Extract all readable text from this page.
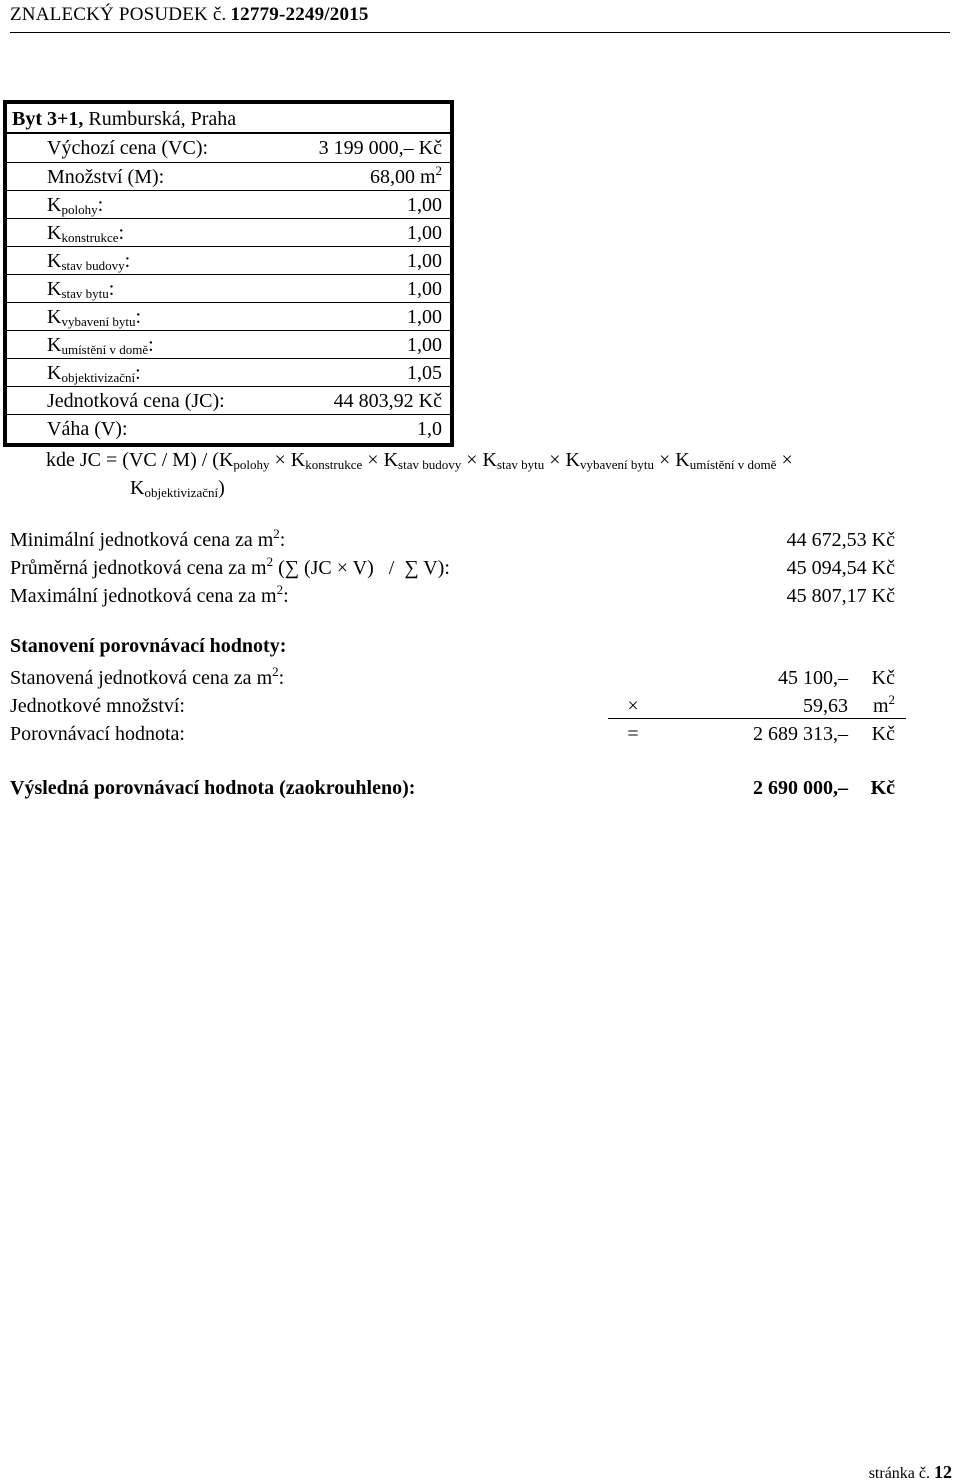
ZNALECKÝ POSUDEK č. 12779-2249/2015
Byt 3+1, Rumburská, Praha
Výchozí cena (VC):	3 199 000,– Kč
Množství (M):	68,00 $m^2$
$K_{polohy}$:	1,00
$K_{konstrukce}$:	1,00
$K_{stav budovy}$:	1,00
$K_{stav bytu}$:	1,00
$K_{vybavení bytu}$:	1,00
$K_{umístění v domě}$:	1,00
$K_{objektivizační}$:	1,05
Jednotková cena (JC):	44 803,92 Kč
Váha (V):	1,0
kde JC = $(VC / M) / (K_{polohy} \times K_{konstrukce} \times K_{stav budovy} \times K_{stav bytu} \times K_{vybavení bytu} \times K_{umístění v domě}$ ×
$K_{objektivizační}$)
Minimální jednotková cena za $m^2$:	44 672,53 Kč
Průměrná jednotková cena za $m^2$ (∑ (JC × V)   /  ∑ V):	45 094,54 Kč
Maximální jednotková cena za $m^2$:	45 807,17 Kč
Stanovení porovnávací hodnoty:
Stanovená jednotková cena za $m^2$:	45 100,– Kč
Jednotkové množství:	×	59,63 $m^2$
Porovnávací hodnota:	=	2 689 313,– Kč
Výsledná porovnávací hodnota (zaokrouhleno):	2 690 000,– Kč
stránka č. 12
